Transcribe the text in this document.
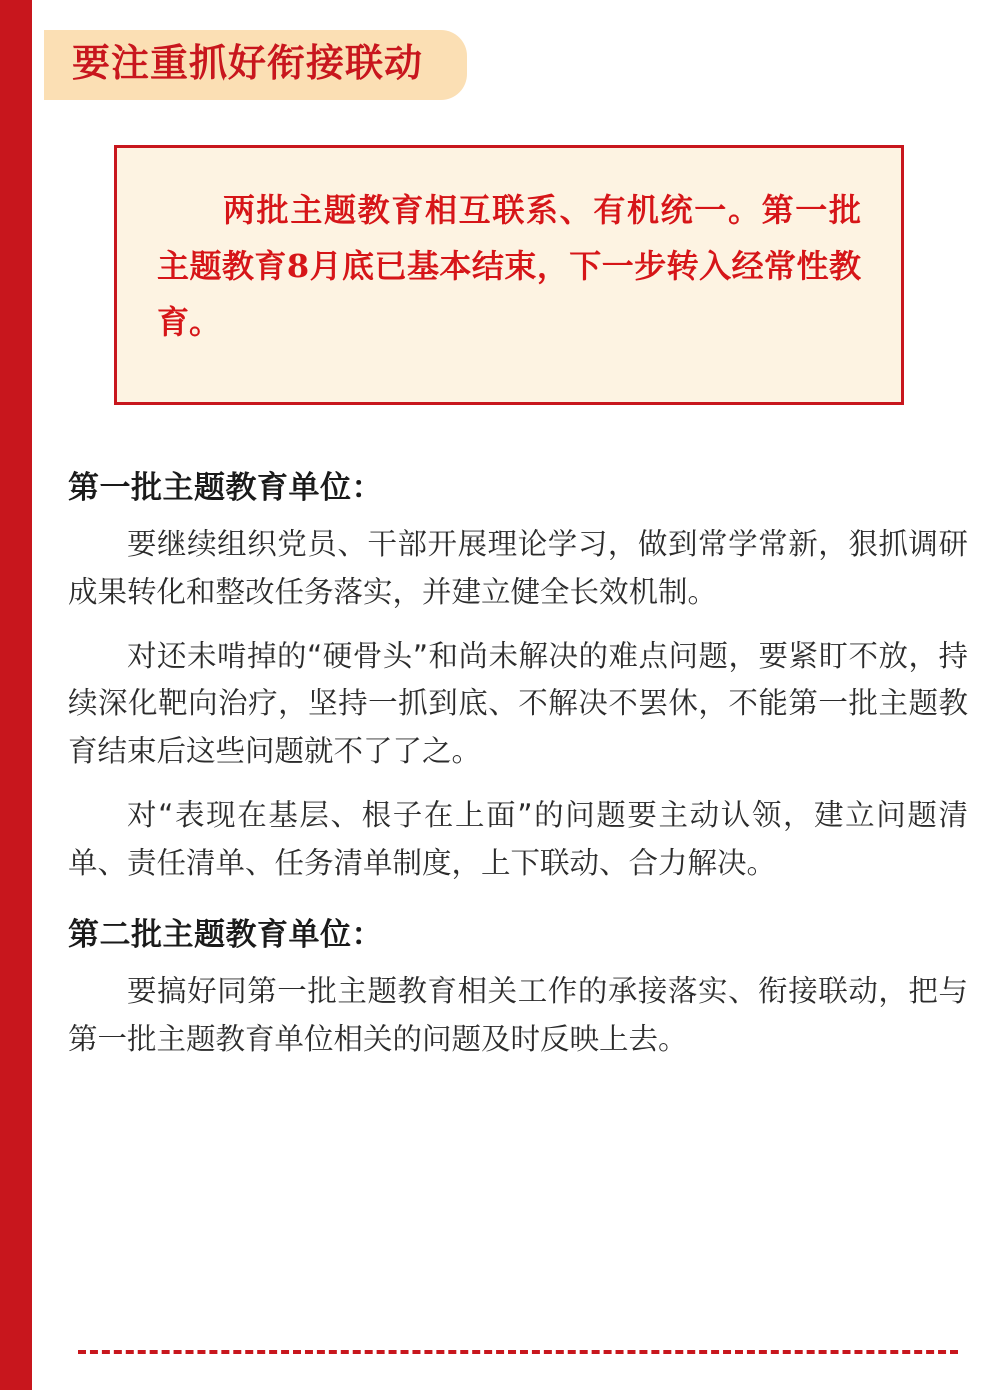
要注重抓好衔接联动
两批主题教育相互联系、有机统一。第一批主题教育8月底已基本结束，下一步转入经常性教育。
第一批主题教育单位：

要继续组织党员、干部开展理论学习，做到常学常新，狠抓调研成果转化和整改任务落实，并建立健全长效机制。

对还未啃掉的“硬骨头”和尚未解决的难点问题，要紧盯不放，持续深化靶向治疗，坚持一抓到底、不解决不罢休，不能第一批主题教育结束后这些问题就不了了之。

对“表现在基层、根子在上面”的问题要主动认领，建立问题清单、责任清单、任务清单制度，上下联动、合力解决。

第二批主题教育单位：

要搞好同第一批主题教育相关工作的承接落实、衔接联动，把与第一批主题教育单位相关的问题及时反映上去。
